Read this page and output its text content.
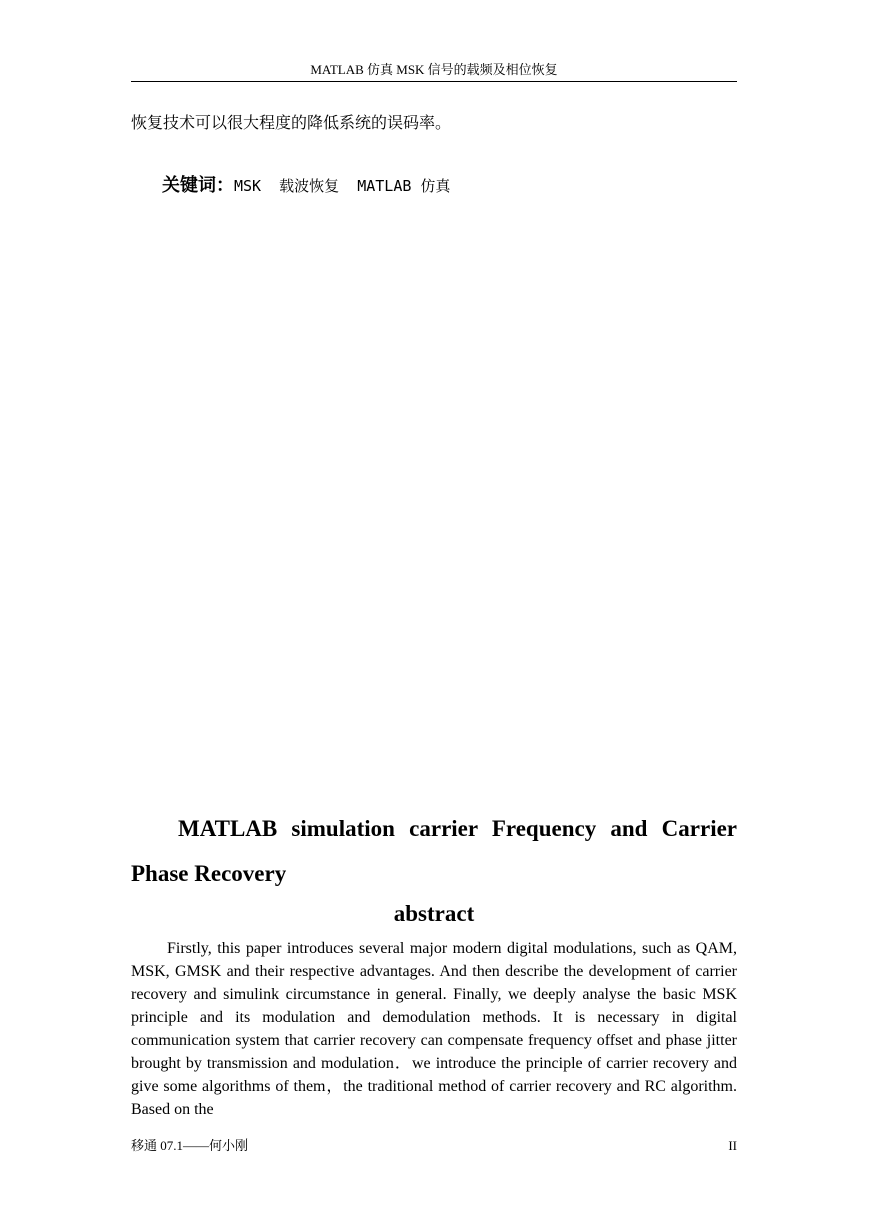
MATLAB 仿真 MSK 信号的载频及相位恢复
恢复技术可以很大程度的降低系统的误码率。
关键词：MSK  载波恢复  MATLAB 仿真
MATLAB simulation carrier Frequency and Carrier
Phase Recovery
abstract
Firstly, this paper introduces several major modern digital modulations, such as QAM, MSK, GMSK and their respective advantages. And then describe the development of carrier recovery and simulink circumstance in general. Finally, we deeply analyse the basic MSK principle and its modulation and demodulation methods. It is necessary in digital communication system that carrier recovery can compensate frequency offset and phase jitter brought by transmission and modulation．we introduce the principle of carrier recovery and give some algorithms of them，the traditional method of carrier recovery and RC algorithm. Based on the
移通 07.1——何小刚	II
